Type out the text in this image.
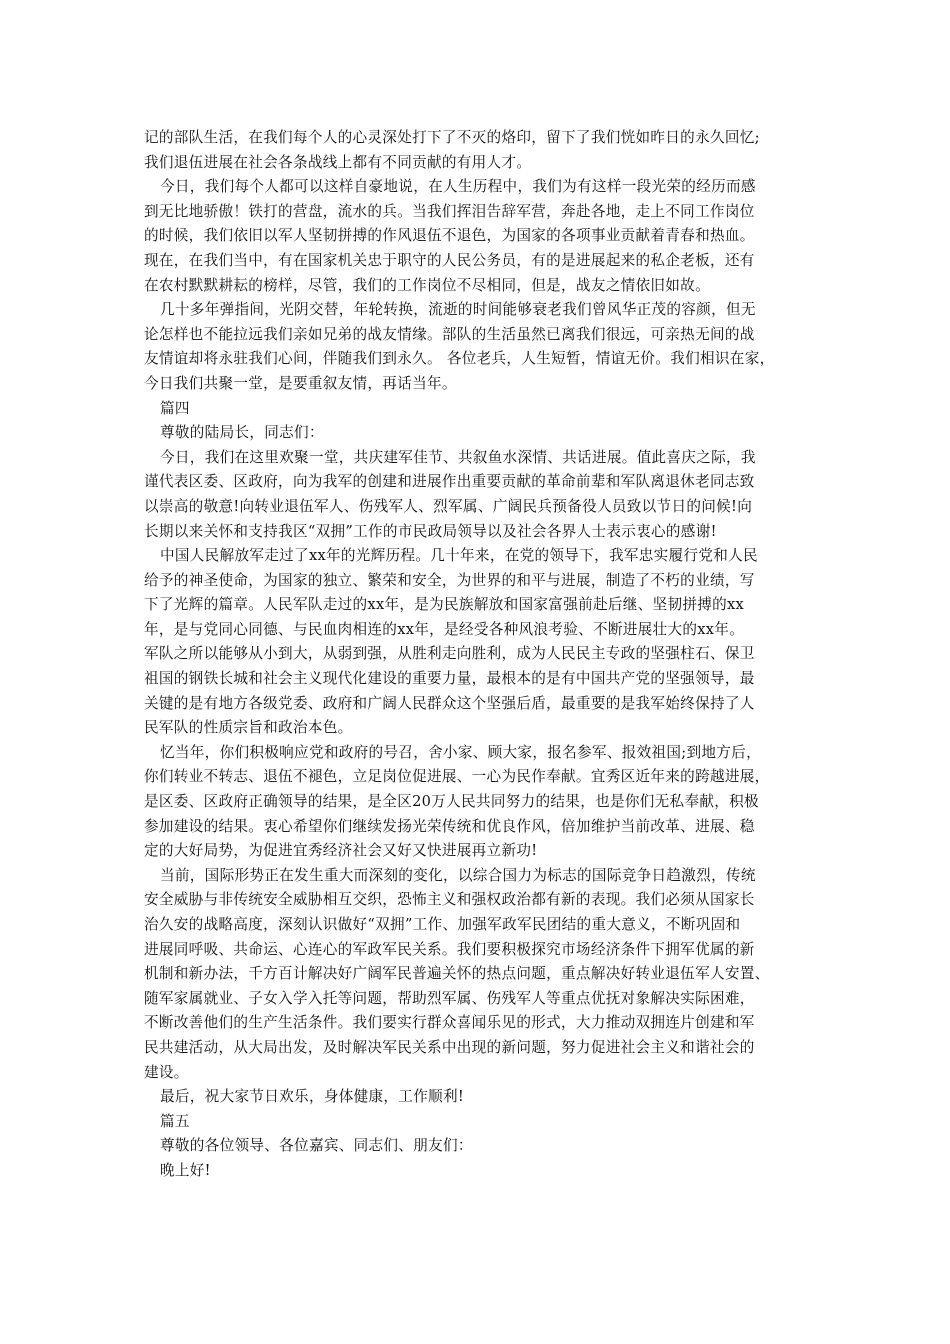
记的部队生活，在我们每个人的心灵深处打下了不灭的烙印，留下了我们恍如昨日的永久回忆;
我们退伍进展在社会各条战线上都有不同贡献的有用人才。
今日，我们每个人都可以这样自豪地说，在人生历程中，我们为有这样一段光荣的经历而感
到无比地骄傲！铁打的营盘，流水的兵。当我们挥泪告辞军营，奔赴各地，走上不同工作岗位
的时候，我们依旧以军人坚韧拼搏的作风退伍不退色，为国家的各项事业贡献着青春和热血。
现在，在我们当中，有在国家机关忠于职守的人民公务员，有的是进展起来的私企老板，还有
在农村默默耕耘的榜样，尽管，我们的工作岗位不尽相同，但是，战友之情依旧如故。
几十多年弹指间，光阴交替，年轮转换，流逝的时间能够衰老我们曾风华正茂的容颜，但无
论怎样也不能拉远我们亲如兄弟的战友情缘。部队的生活虽然已离我们很远，可亲热无间的战
友情谊却将永驻我们心间，伴随我们到永久。 各位老兵，人生短暂，情谊无价。我们相识在家，
今日我们共聚一堂，是要重叙友情，再话当年。
篇四
尊敬的陆局长，同志们：
今日，我们在这里欢聚一堂，共庆建军佳节、共叙鱼水深情、共话进展。值此喜庆之际，我
谨代表区委、区政府，向为我军的创建和进展作出重要贡献的革命前辈和军队离退休老同志致
以崇高的敬意!向转业退伍军人、伤残军人、烈军属、广阔民兵预备役人员致以节日的问候!向
长期以来关怀和支持我区“双拥”工作的市民政局领导以及社会各界人士表示衷心的感谢!
中国人民解放军走过了xx年的光辉历程。几十年来，在党的领导下，我军忠实履行党和人民
给予的神圣使命，为国家的独立、繁荣和安全，为世界的和平与进展，制造了不朽的业绩，写
下了光辉的篇章。人民军队走过的xx年，是为民族解放和国家富强前赴后继、坚韧拼搏的xx
年，是与党同心同德、与民血肉相连的xx年，是经受各种风浪考验、不断进展壮大的xx年。
军队之所以能够从小到大，从弱到强，从胜利走向胜利，成为人民民主专政的坚强柱石、保卫
祖国的钢铁长城和社会主义现代化建设的重要力量，最根本的是有中国共产党的坚强领导，最
关键的是有地方各级党委、政府和广阔人民群众这个坚强后盾，最重要的是我军始终保持了人
民军队的性质宗旨和政治本色。
忆当年，你们积极响应党和政府的号召，舍小家、顾大家，报名参军、报效祖国;到地方后，
你们转业不转志、退伍不褪色，立足岗位促进展、一心为民作奉献。宜秀区近年来的跨越进展，
是区委、区政府正确领导的结果，是全区20万人民共同努力的结果，也是你们无私奉献，积极
参加建设的结果。衷心希望你们继续发扬光荣传统和优良作风，倍加维护当前改革、进展、稳
定的大好局势，为促进宜秀经济社会又好又快进展再立新功!
当前，国际形势正在发生重大而深刻的变化，以综合国力为标志的国际竞争日趋激烈，传统
安全威胁与非传统安全威胁相互交织，恐怖主义和强权政治都有新的表现。我们必须从国家长
治久安的战略高度，深刻认识做好“双拥”工作、加强军政军民团结的重大意义，不断巩固和
进展同呼吸、共命运、心连心的军政军民关系。我们要积极探究市场经济条件下拥军优属的新
机制和新办法，千方百计解决好广阔军民普遍关怀的热点问题，重点解决好转业退伍军人安置、
随军家属就业、子女入学入托等问题，帮助烈军属、伤残军人等重点优抚对象解决实际困难，
不断改善他们的生产生活条件。我们要实行群众喜闻乐见的形式，大力推动双拥连片创建和军
民共建活动，从大局出发，及时解决军民关系中出现的新问题，努力促进社会主义和谐社会的
建设。
最后，祝大家节日欢乐，身体健康，工作顺利!
篇五
尊敬的各位领导、各位嘉宾、同志们、朋友们：
晚上好!
